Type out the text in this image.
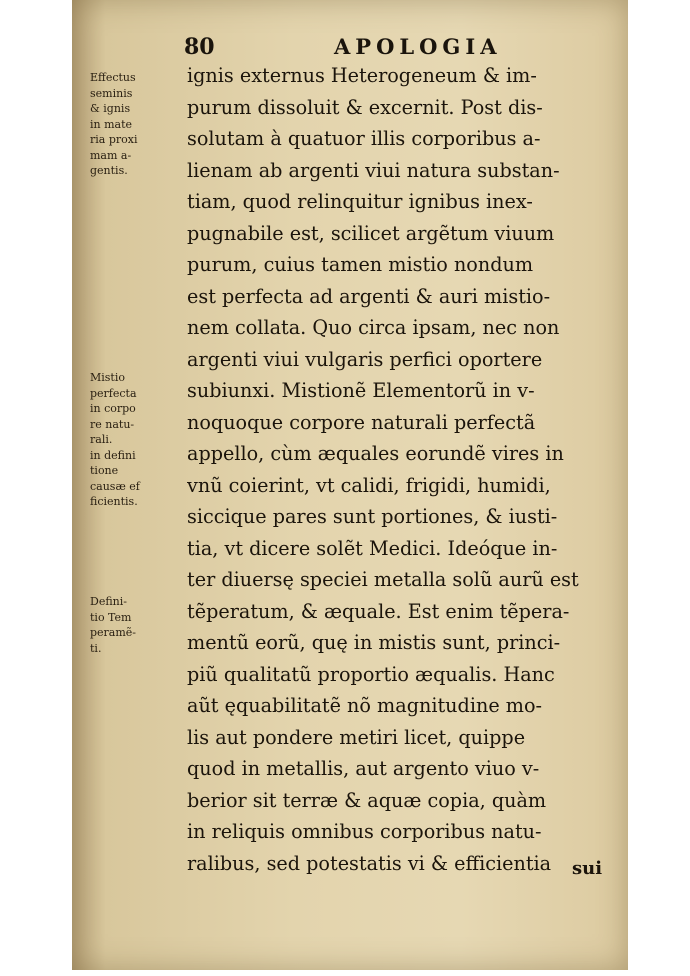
80	APOLOGIA
Effectus
seminis
& ignis
in mate
ria proxi
mam a-
gentis.
Mistio
perfecta
in corpo
re natu-
rali.
in defini
tione
causæ ef
ficientis.
Defini-
tio Tem
peramẽ-
ti.
ignis externus Heterogeneum & im-
purum dissoluit & excernit. Post dis-
solutam à quatuor illis corporibus a-
lienam ab argenti viui natura substan-
tiam, quod relinquitur ignibus inex-
pugnabile est, scilicet argẽtum viuum
purum, cuius tamen mistio nondum
est perfecta ad argenti & auri mistio-
nem collata. Quo circa ipsam, nec non
argenti viui vulgaris perfici oportere
subiunxi. Mistionẽ Elementorũ in v-
noquoque corpore naturali perfectã
appello, cùm æquales eorundẽ vires in
vnũ coierint, vt calidi, frigidi, humidi,
siccique pares sunt portiones, & iusti-
tia, vt dicere solẽt Medici. Ideóque in-
ter diuersę speciei metalla solũ aurũ est
tẽperatum, & æquale. Est enim tẽpera-
mentũ eorũ, quę in mistis sunt, princi-
piũ qualitatũ proportio æqualis. Hanc
aũt ęquabilitatẽ nõ magnitudine mo-
lis aut pondere metiri licet, quippe
quod in metallis, aut argento viuo v-
berior sit terræ & aquæ copia, quàm
in reliquis omnibus corporibus natu-
ralibus, sed potestatis vi & efficientia	sui
